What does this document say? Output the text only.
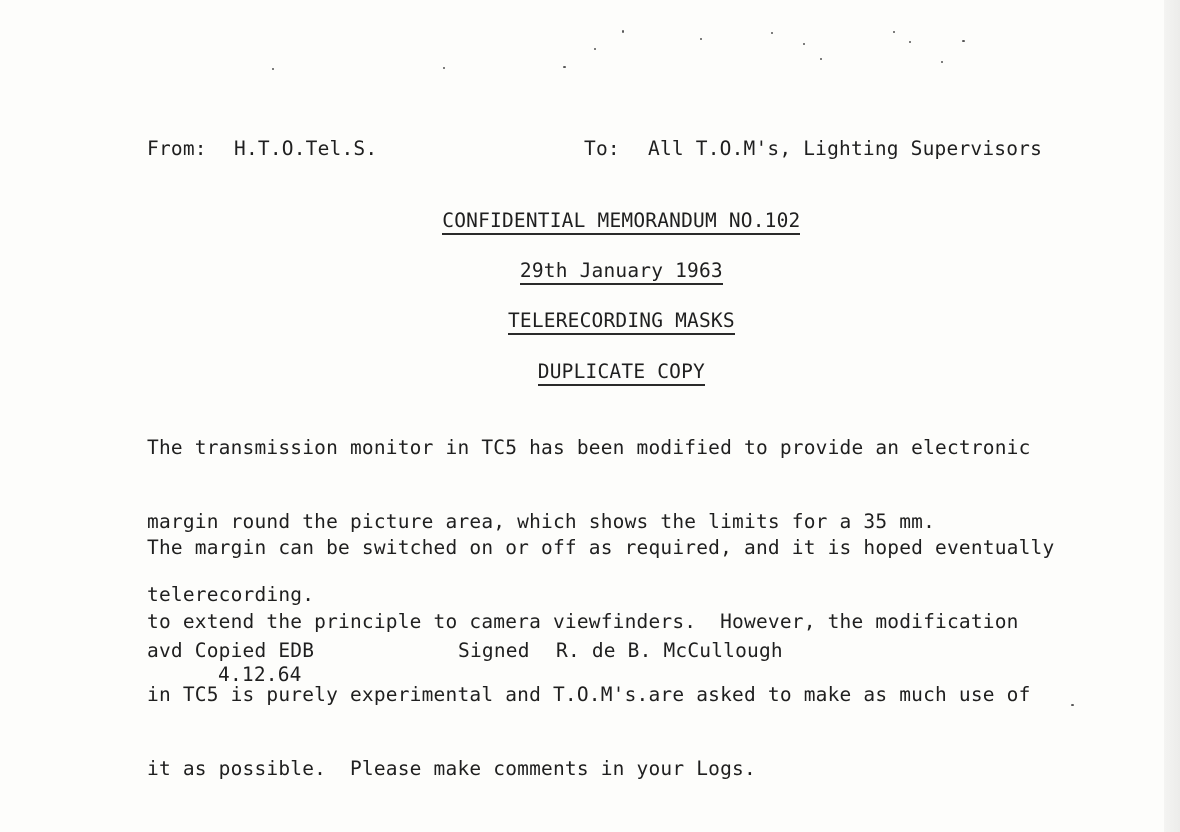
From: H.T.O.Tel.S.	To: All T.O.M's, Lighting Supervisors

CONFIDENTIAL MEMORANDUM NO.102

29th January 1963

TELERECORDING MASKS

DUPLICATE COPY

The transmission monitor in TC5 has been modified to provide an electronic

margin round the picture area, which shows the limits for a 35 mm.

telerecording.

The margin can be switched on or off as required, and it is hoped eventually

to extend the principle to camera viewfinders.  However, the modification

in TC5 is purely experimental and T.O.M's.are asked to make as much use of

it as possible.  Please make comments in your Logs.

avd Copied EDB
4.12.64
Signed R. de B. McCullough
